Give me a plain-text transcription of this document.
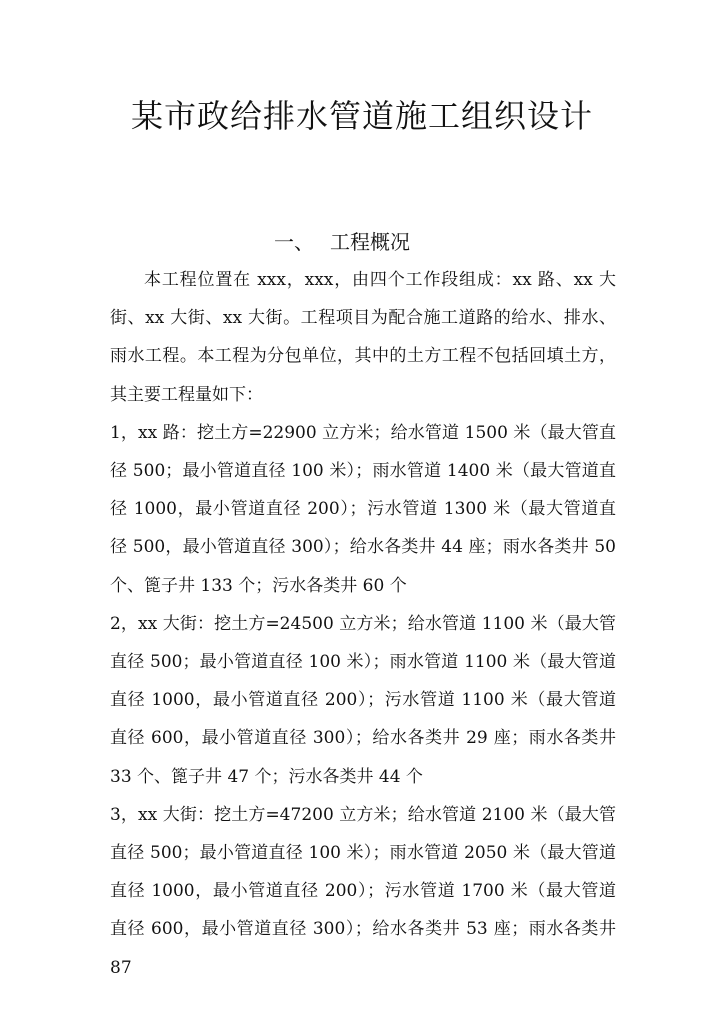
某市政给排水管道施工组织设计
一、 工程概况

本工程位置在 xxx，xxx，由四个工作段组成：xx 路、xx 大街、xx 大街、xx 大街。工程项目为配合施工道路的给水、排水、雨水工程。本工程为分包单位，其中的土方工程不包括回填土方，其主要工程量如下：

1，xx 路：挖土方=22900 立方米；给水管道 1500 米（最大管直径 500；最小管道直径 100 米）；雨水管道 1400 米（最大管道直径 1000，最小管道直径 200）；污水管道 1300 米（最大管道直径 500，最小管道直径 300）；给水各类井 44 座；雨水各类井 50 个、篦子井 133 个；污水各类井 60 个

2，xx 大街：挖土方=24500 立方米；给水管道 1100 米（最大管直径 500；最小管道直径 100 米）；雨水管道 1100 米（最大管道直径 1000，最小管道直径 200）；污水管道 1100 米（最大管道直径 600，最小管道直径 300）；给水各类井 29 座；雨水各类井 33 个、篦子井 47 个；污水各类井 44 个

3，xx 大街：挖土方=47200 立方米；给水管道 2100 米（最大管直径 500；最小管道直径 100 米）；雨水管道 2050 米（最大管道直径 1000，最小管道直径 200）；污水管道 1700 米（最大管道直径 600，最小管道直径 300）；给水各类井 53 座；雨水各类井 87
